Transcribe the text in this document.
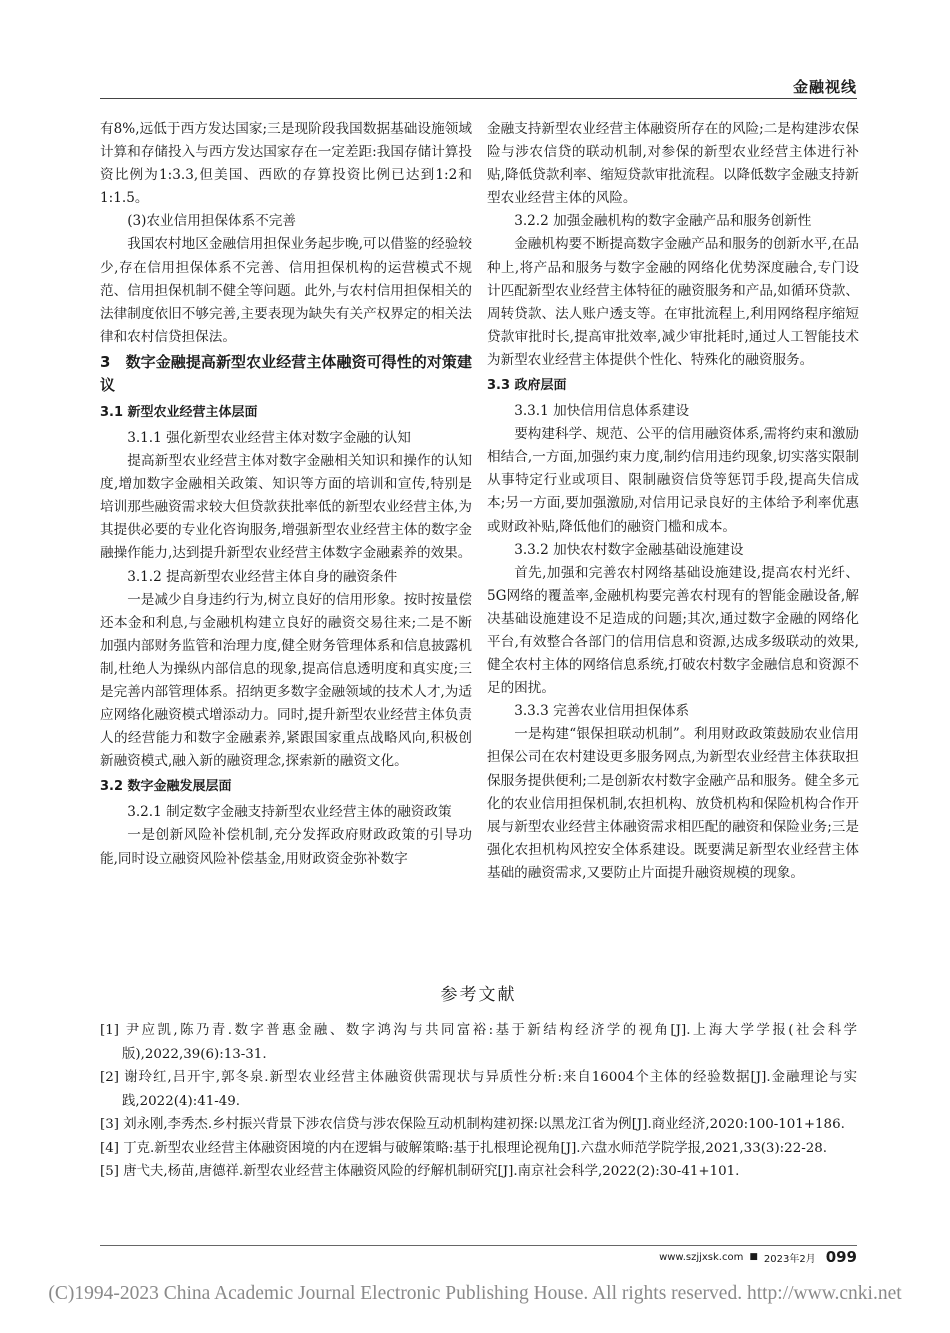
金融视线

有8%,远低于西方发达国家;三是现阶段我国数据基础设施领域计算和存储投入与西方发达国家存在一定差距:我国存储计算投资比例为1:3.3,但美国、西欧的存算投资比例已达到1:2和1:1.5。

(3)农业信用担保体系不完善

我国农村地区金融信用担保业务起步晚,可以借鉴的经验较少,存在信用担保体系不完善、信用担保机构的运营模式不规范、信用担保机制不健全等问题。此外,与农村信用担保相关的法律制度依旧不够完善,主要表现为缺失有关产权界定的相关法律和农村信贷担保法。

3　数字金融提高新型农业经营主体融资可得性的对策建议

3.1 新型农业经营主体层面

3.1.1 强化新型农业经营主体对数字金融的认知

提高新型农业经营主体对数字金融相关知识和操作的认知度,增加数字金融相关政策、知识等方面的培训和宣传,特别是培训那些融资需求较大但贷款获批率低的新型农业经营主体,为其提供必要的专业化咨询服务,增强新型农业经营主体的数字金融操作能力,达到提升新型农业经营主体数字金融素养的效果。

3.1.2 提高新型农业经营主体自身的融资条件

一是减少自身违约行为,树立良好的信用形象。按时按量偿还本金和利息,与金融机构建立良好的融资交易往来;二是不断加强内部财务监管和治理力度,健全财务管理体系和信息披露机制,杜绝人为操纵内部信息的现象,提高信息透明度和真实度;三是完善内部管理体系。招纳更多数字金融领域的技术人才,为适应网络化融资模式增添动力。同时,提升新型农业经营主体负责人的经营能力和数字金融素养,紧跟国家重点战略风向,积极创新融资模式,融入新的融资理念,探索新的融资文化。

3.2 数字金融发展层面

3.2.1 制定数字金融支持新型农业经营主体的融资政策

一是创新风险补偿机制,充分发挥政府财政政策的引导功能,同时设立融资风险补偿基金,用财政资金弥补数字

金融支持新型农业经营主体融资所存在的风险;二是构建涉农保险与涉农信贷的联动机制,对参保的新型农业经营主体进行补贴,降低贷款利率、缩短贷款审批流程。以降低数字金融支持新型农业经营主体的风险。

3.2.2 加强金融机构的数字金融产品和服务创新性

金融机构要不断提高数字金融产品和服务的创新水平,在品种上,将产品和服务与数字金融的网络化优势深度融合,专门设计匹配新型农业经营主体特征的融资服务和产品,如循环贷款、周转贷款、法人账户透支等。在审批流程上,利用网络程序缩短贷款审批时长,提高审批效率,减少审批耗时,通过人工智能技术为新型农业经营主体提供个性化、特殊化的融资服务。

3.3 政府层面

3.3.1 加快信用信息体系建设

要构建科学、规范、公平的信用融资体系,需将约束和激励相结合,一方面,加强约束力度,制约信用违约现象,切实落实限制从事特定行业或项目、限制融资信贷等惩罚手段,提高失信成本;另一方面,要加强激励,对信用记录良好的主体给予利率优惠或财政补贴,降低他们的融资门槛和成本。

3.3.2 加快农村数字金融基础设施建设

首先,加强和完善农村网络基础设施建设,提高农村光纤、5G网络的覆盖率,金融机构要完善农村现有的智能金融设备,解决基础设施建设不足造成的问题;其次,通过数字金融的网络化平台,有效整合各部门的信用信息和资源,达成多级联动的效果,健全农村主体的网络信息系统,打破农村数字金融信息和资源不足的困扰。

3.3.3 完善农业信用担保体系

一是构建“银保担联动机制”。利用财政政策鼓励农业信用担保公司在农村建设更多服务网点,为新型农业经营主体获取担保服务提供便利;二是创新农村数字金融产品和服务。健全多元化的农业信用担保机制,农担机构、放贷机构和保险机构合作开展与新型农业经营主体融资需求相匹配的融资和保险业务;三是强化农担机构风控安全体系建设。既要满足新型农业经营主体基础的融资需求,又要防止片面提升融资规模的现象。

参考文献

[1] 尹应凯,陈乃青.数字普惠金融、数字鸿沟与共同富裕:基于新结构经济学的视角[J].上海大学学报(社会科学版),2022,39(6):13-31.

[2] 谢玲红,吕开宇,郭冬泉.新型农业经营主体融资供需现状与异质性分析:来自16004个主体的经验数据[J].金融理论与实践,2022(4):41-49.

[3] 刘永刚,李秀杰.乡村振兴背景下涉农信贷与涉农保险互动机制构建初探:以黑龙江省为例[J].商业经济,2020:100-101+186.

[4] 丁克.新型农业经营主体融资困境的内在逻辑与破解策略:基于扎根理论视角[J].六盘水师范学院学报,2021,33(3):22-28.

[5] 唐弋夫,杨苗,唐德祥.新型农业经营主体融资风险的纾解机制研究[J].南京社会科学,2022(2):30-41+101.

www.szjjxsk.com ■ 2023年2月 099
(C)1994-2023 China Academic Journal Electronic Publishing House. All rights reserved. http://www.cnki.net
